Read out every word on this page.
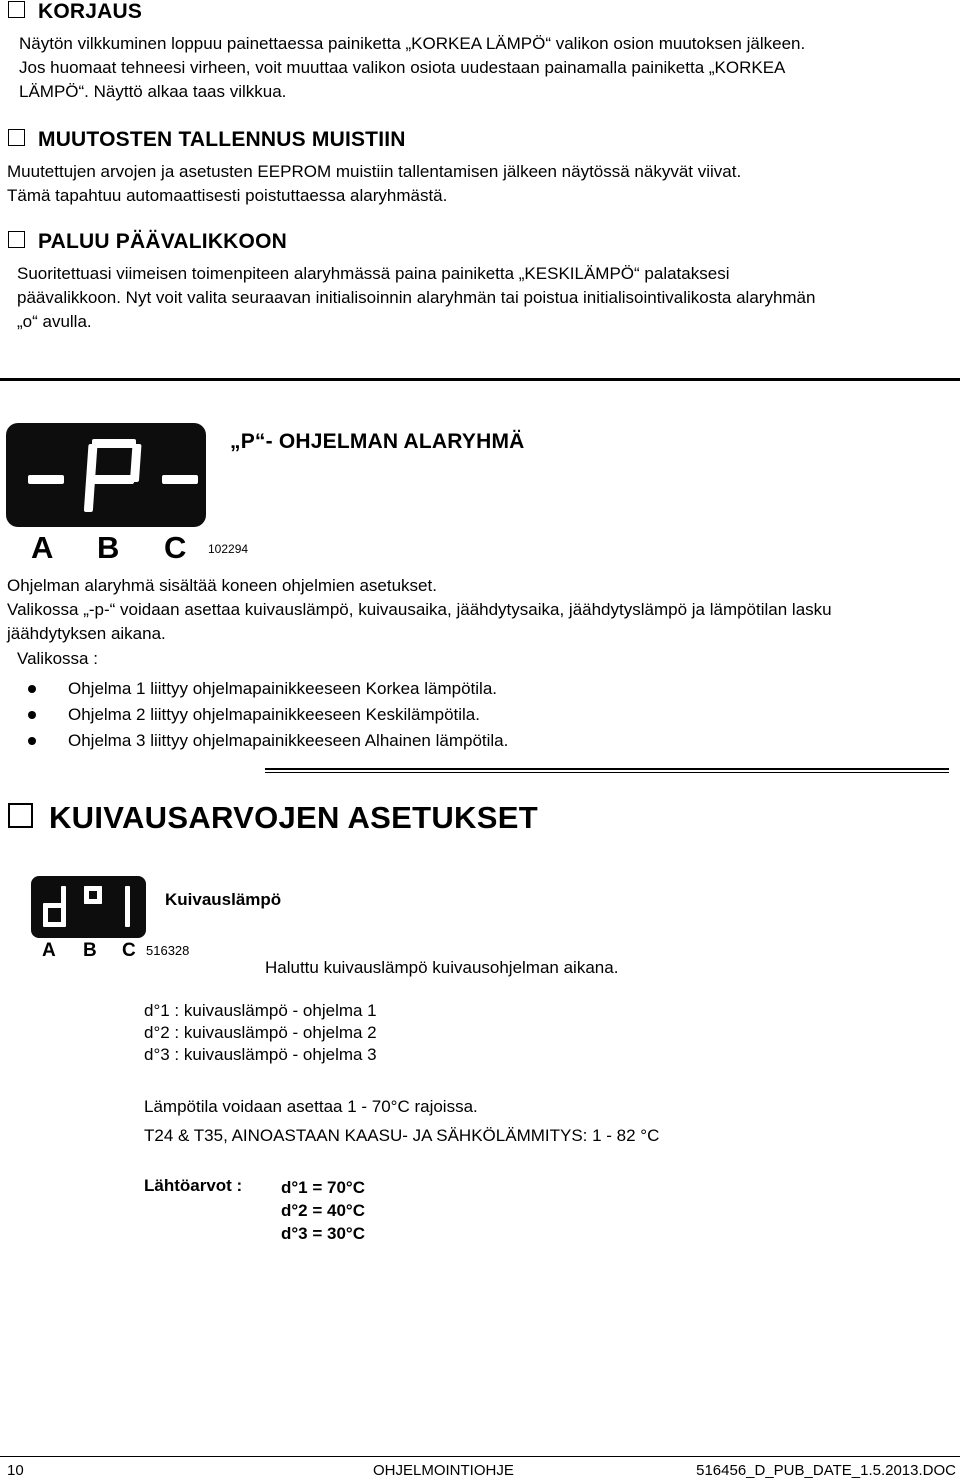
KORJAUS
Näytön vilkkuminen loppuu painettaessa painiketta „KORKEA LÄMPÖ“ valikon osion muutoksen jälkeen.
Jos huomaat tehneesi virheen, voit muuttaa valikon osiota uudestaan painamalla painiketta „KORKEA
LÄMPÖ“. Näyttö alkaa taas vilkkua.
MUUTOSTEN TALLENNUS MUISTIIN
Muutettujen arvojen ja asetusten EEPROM muistiin tallentamisen jälkeen näytössä näkyvät viivat.
Tämä tapahtuu automaattisesti poistuttaessa alaryhmästä.
PALUU PÄÄVALIKKOON
Suoritettuasi viimeisen toimenpiteen alaryhmässä paina painiketta „KESKILÄMPÖ“ palataksesi
päävalikkoon. Nyt voit valita seuraavan initialisoinnin alaryhmän tai poistua initialisointivalikosta alaryhmän
„o“ avulla.
A B C 102294
„P“- OHJELMAN ALARYHMÄ
Ohjelman alaryhmä sisältää koneen ohjelmien asetukset.
Valikossa „-p-“ voidaan asettaa kuivauslämpö, kuivausaika, jäähdytysaika, jäähdytyslämpö ja lämpötilan lasku
jäähdytyksen aikana.
Valikossa :
Ohjelma 1 liittyy ohjelmapainikkeeseen Korkea lämpötila.
Ohjelma 2 liittyy ohjelmapainikkeeseen Keskilämpötila.
Ohjelma 3 liittyy ohjelmapainikkeeseen Alhainen lämpötila.
KUIVAUSARVOJEN ASETUKSET
A B C 516328
Kuivauslämpö
Haluttu kuivauslämpö kuivausohjelman aikana.
d°1 : kuivauslämpö - ohjelma 1
d°2 : kuivauslämpö - ohjelma 2
d°3 : kuivauslämpö - ohjelma 3
Lämpötila voidaan asettaa 1 - 70°C rajoissa.
T24 & T35, AINOASTAAN KAASU- JA SÄHKÖLÄMMITYS: 1 - 82 °C
Lähtöarvot : d°1 = 70°C
d°2 = 40°C
d°3 = 30°C
10	OHJELMOINTIOHJE	516456_D_PUB_DATE_1.5.2013.DOC
